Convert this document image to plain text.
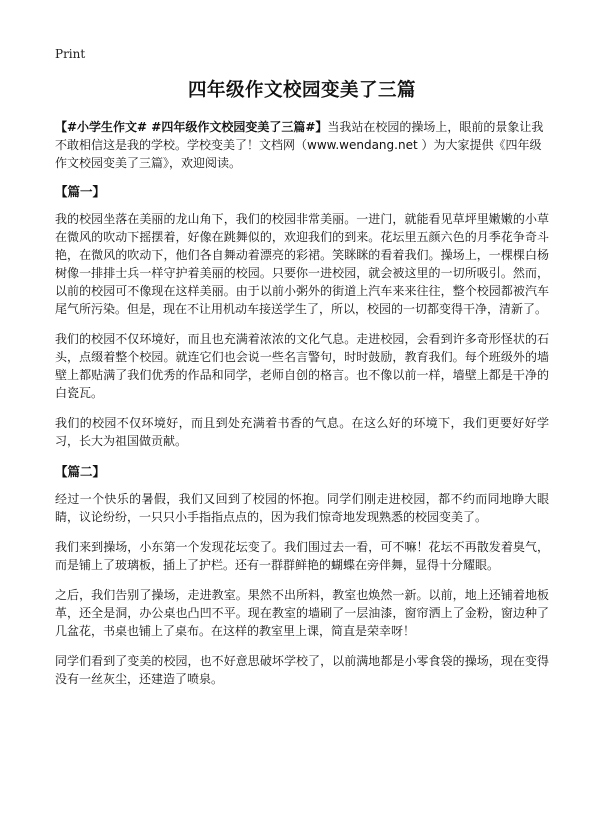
Print
四年级作文校园变美了三篇

【#小学生作文# #四年级作文校园变美了三篇#】当我站在校园的操场上，眼前的景象让我不敢相信这是我的学校。学校变美了！文档网（www.wendang.net ）为大家提供《四年级作文校园变美了三篇》，欢迎阅读。

【篇一】

我的校园坐落在美丽的龙山角下，我们的校园非常美丽。一进门，就能看见草坪里嫩嫩的小草在微风的吹动下摇摆着，好像在跳舞似的，欢迎我们的到来。花坛里五颜六色的月季花争奇斗艳，在微风的吹动下，他们各自舞动着漂亮的彩裙。笑眯眯的看着我们。操场上，一棵棵白杨树像一排排士兵一样守护着美丽的校园。只要你一进校园，就会被这里的一切所吸引。然而，以前的校园可不像现在这样美丽。由于以前小粥外的街道上汽车来来往往，整个校园都被汽车尾气所污染。但是，现在不让用机动车接送学生了，所以，校园的一切都变得干净，清新了。

我们的校园不仅环境好，而且也充满着浓浓的文化气息。走进校园，会看到许多奇形怪状的石头，点缀着整个校园。就连它们也会说一些名言警句，时时鼓励，教育我们。每个班级外的墙壁上都贴满了我们优秀的作品和同学，老师自创的格言。也不像以前一样，墙壁上都是干净的白瓷瓦。

我们的校园不仅环境好，而且到处充满着书香的气息。在这么好的环境下，我们更要好好学习，长大为祖国做贡献。

【篇二】

经过一个快乐的暑假，我们又回到了校园的怀抱。同学们刚走进校园，都不约而同地睁大眼睛，议论纷纷，一只只小手指指点点的，因为我们惊奇地发现熟悉的校园变美了。

我们来到操场，小东第一个发现花坛变了。我们围过去一看，可不嘛！花坛不再散发着臭气，而是铺上了玻璃板，插上了护栏。还有一群群鲜艳的蝴蝶在旁伴舞，显得十分耀眼。

之后，我们告别了操场，走进教室。果然不出所料，教室也焕然一新。以前，地上还铺着地板革，还全是洞，办公桌也凸凹不平。现在教室的墙刷了一层油漆，窗帘洒上了金粉，窗边种了几盆花，书桌也铺上了桌布。在这样的教室里上课，简直是荣幸呀！

同学们看到了变美的校园，也不好意思破坏学校了，以前满地都是小零食袋的操场，现在变得没有一丝灰尘，还建造了喷泉。
